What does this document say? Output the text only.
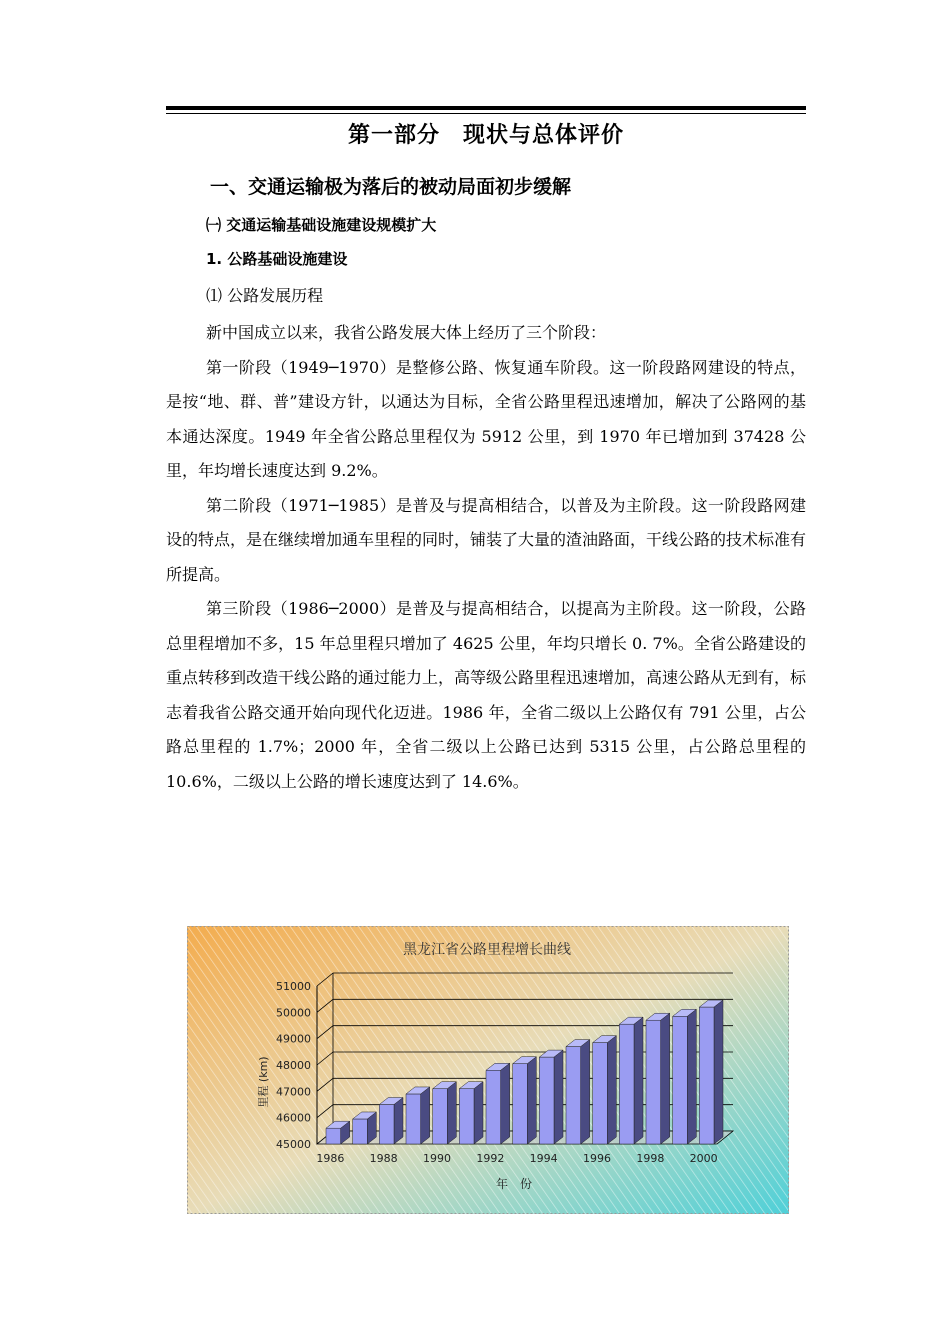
第一部分　现状与总体评价
一、交通运输极为落后的被动局面初步缓解
㈠ 交通运输基础设施建设规模扩大
1. 公路基础设施建设
⑴ 公路发展历程

新中国成立以来，我省公路发展大体上经历了三个阶段：

第一阶段（1949─1970）是整修公路、恢复通车阶段。这一阶段路网建设的特点，是按“地、群、普”建设方针，以通达为目标，全省公路里程迅速增加，解决了公路网的基本通达深度。1949 年全省公路总里程仅为 5912 公里，到 1970 年已增加到 37428 公里，年均增长速度达到 9.2%。

第二阶段（1971─1985）是普及与提高相结合，以普及为主阶段。这一阶段路网建设的特点，是在继续增加通车里程的同时，铺装了大量的渣油路面，干线公路的技术标准有所提高。

第三阶段（1986─2000）是普及与提高相结合，以提高为主阶段。这一阶段，公路总里程增加不多，15 年总里程只增加了 4625 公里，年均只增长 0. 7%。全省公路建设的重点转移到改造干线公路的通过能力上，高等级公路里程迅速增加，高速公路从无到有，标志着我省公路交通开始向现代化迈进。1986 年，全省二级以上公路仅有 791 公里，占公路总里程的 1.7%；2000 年，全省二级以上公路已达到 5315 公里，占公路总里程的 10.6%，二级以上公路的增长速度达到了 14.6%。

黑龙江省公路里程增长曲线
45000
46000
47000
48000
49000
50000
51000
1986 1988 1990 1992 1994 1996 1998 2000
里程 (km)
年　份
